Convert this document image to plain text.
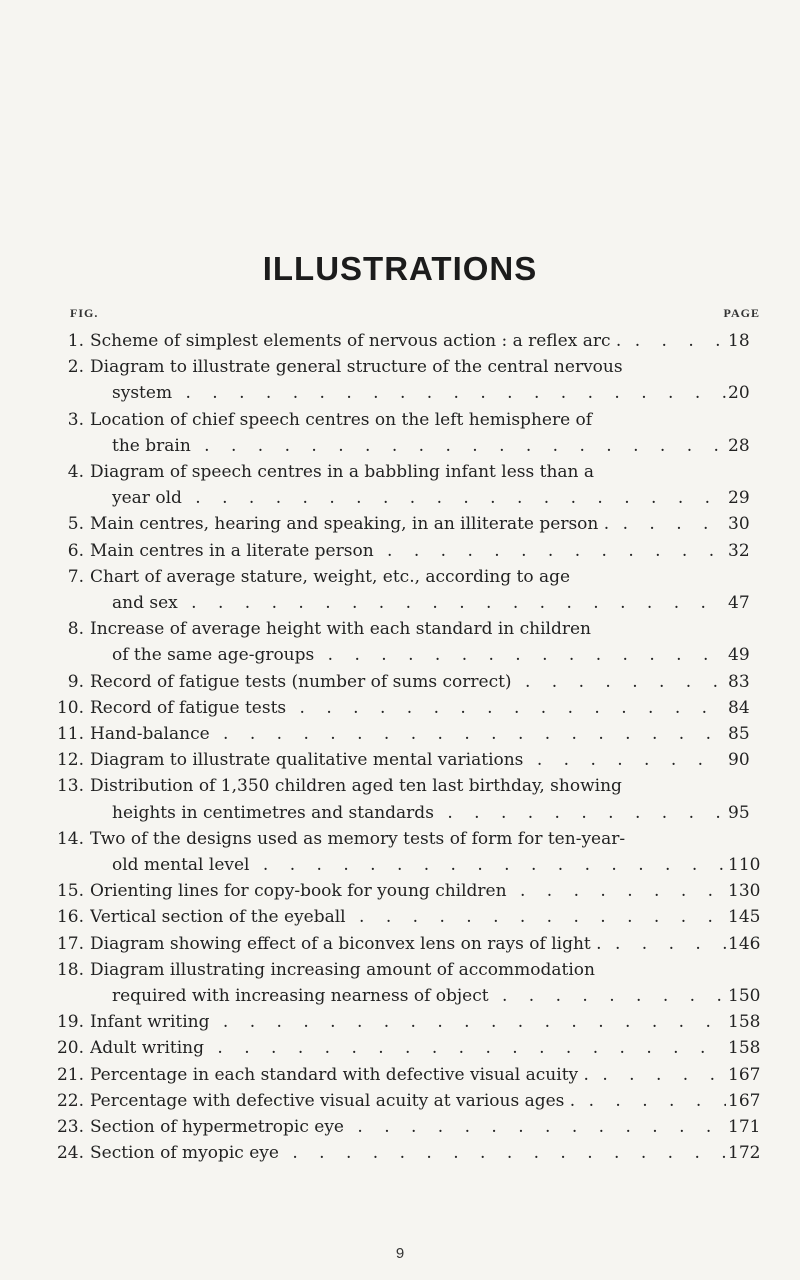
ILLUSTRATIONS
FIG.	PAGE
1. Scheme of simplest elements of nervous action : a reflex arc . . . .	18
2. Diagram to illustrate general structure of the central nervous
system . . .	20
3. Location of chief speech centres on the left hemisphere of
the brain . . .	28
4. Diagram of speech centres in a babbling infant less than a
year old . . .	29
5. Main centres, hearing and speaking, in an illiterate person . . . .	30
6. Main centres in a literate person . . .	32
7. Chart of average stature, weight, etc., according to age
and sex . . .	47
8. Increase of average height with each standard in children
of the same age-groups . . .	49
9. Record of fatigue tests (number of sums correct) . . .	83
10. Record of fatigue tests . . .	84
11. Hand-balance . . .	85
12. Diagram to illustrate qualitative mental variations . . .	90
13. Distribution of 1,350 children aged ten last birthday, showing
heights in centimetres and standards . . .	95
14. Two of the designs used as memory tests of form for ten-year-
old mental level . . .	110
15. Orienting lines for copy-book for young children . . .	130
16. Vertical section of the eyeball . . .	145
17. Diagram showing effect of a biconvex lens on rays of light . . . .	146
18. Diagram illustrating increasing amount of accommodation
required with increasing nearness of object . . .	150
19. Infant writing . . .	158
20. Adult writing . . .	158
21. Percentage in each standard with defective visual acuity . . . .	167
22. Percentage with defective visual acuity at various ages . . . .	167
23. Section of hypermetropic eye . . .	171
24. Section of myopic eye . . .	172
9
